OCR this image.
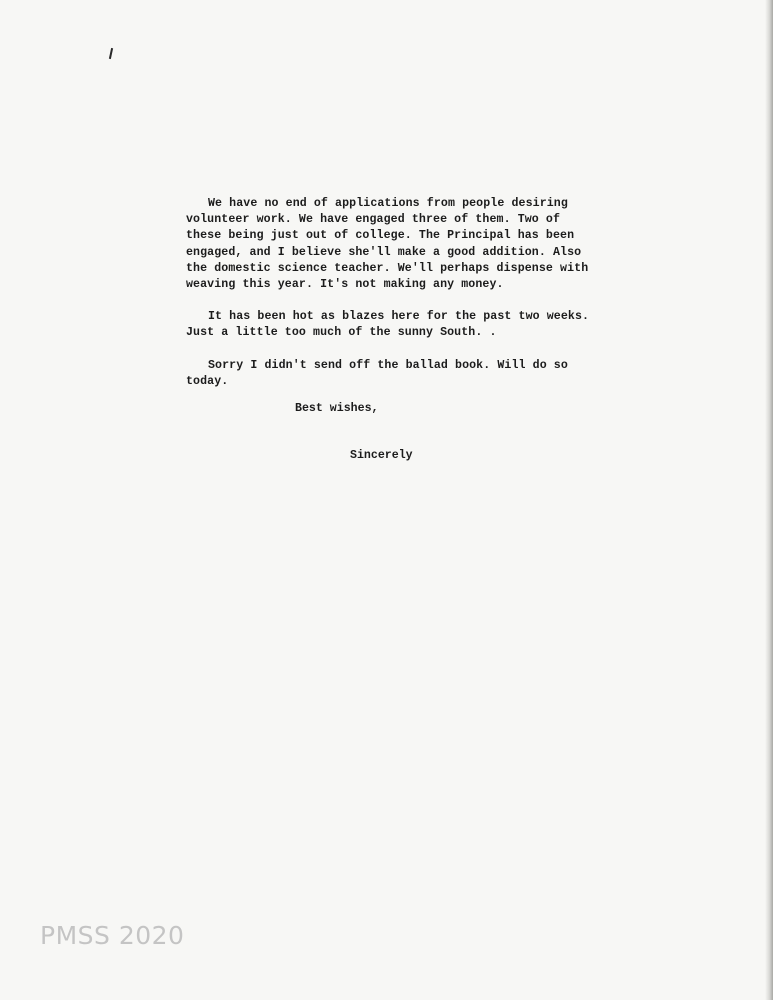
We have no end of applications from people desiring
volunteer work. We have engaged three of them. Two of
these being just out of college. The Principal has been
engaged, and I believe she'll make a good addition. Also
the domestic science teacher. We'll perhaps dispense with
weaving this year. It's not making any money.

It has been hot as blazes here for the past two weeks.
Just a little too much of the sunny South. .

Sorry I didn't send off the ballad book. Will do so
today.

Best wishes,
Sincerely
PMSS 2020
